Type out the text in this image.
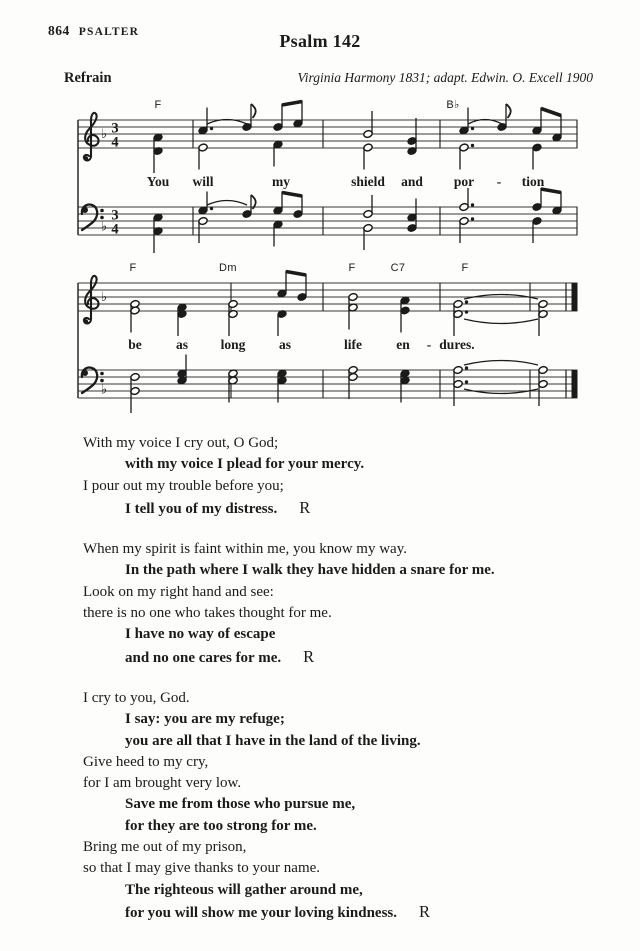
864 PSALTER	Psalm 142
Refrain	Virginia Harmony 1831; adapt. Edwin. O. Excell 1900
♭
♭
3
4
3
4
F	B♭
You will	my	shield and por - tion
♭
♭
F	Dm	F	C7	F
be	as long as	life	en - dures.
With my voice I cry out, O God;
with my voice I plead for your mercy.
I pour out my trouble before you;
I tell you of my distress. R
When my spirit is faint within me, you know my way.
In the path where I walk they have hidden a snare for me.
Look on my right hand and see:
there is no one who takes thought for me.
I have no way of escape
and no one cares for me. R
I cry to you, God.
I say: you are my refuge;
you are all that I have in the land of the living.
Give heed to my cry,
for I am brought very low.
Save me from those who pursue me,
for they are too strong for me.
Bring me out of my prison,
so that I may give thanks to your name.
The righteous will gather around me,
for you will show me your loving kindness. R
